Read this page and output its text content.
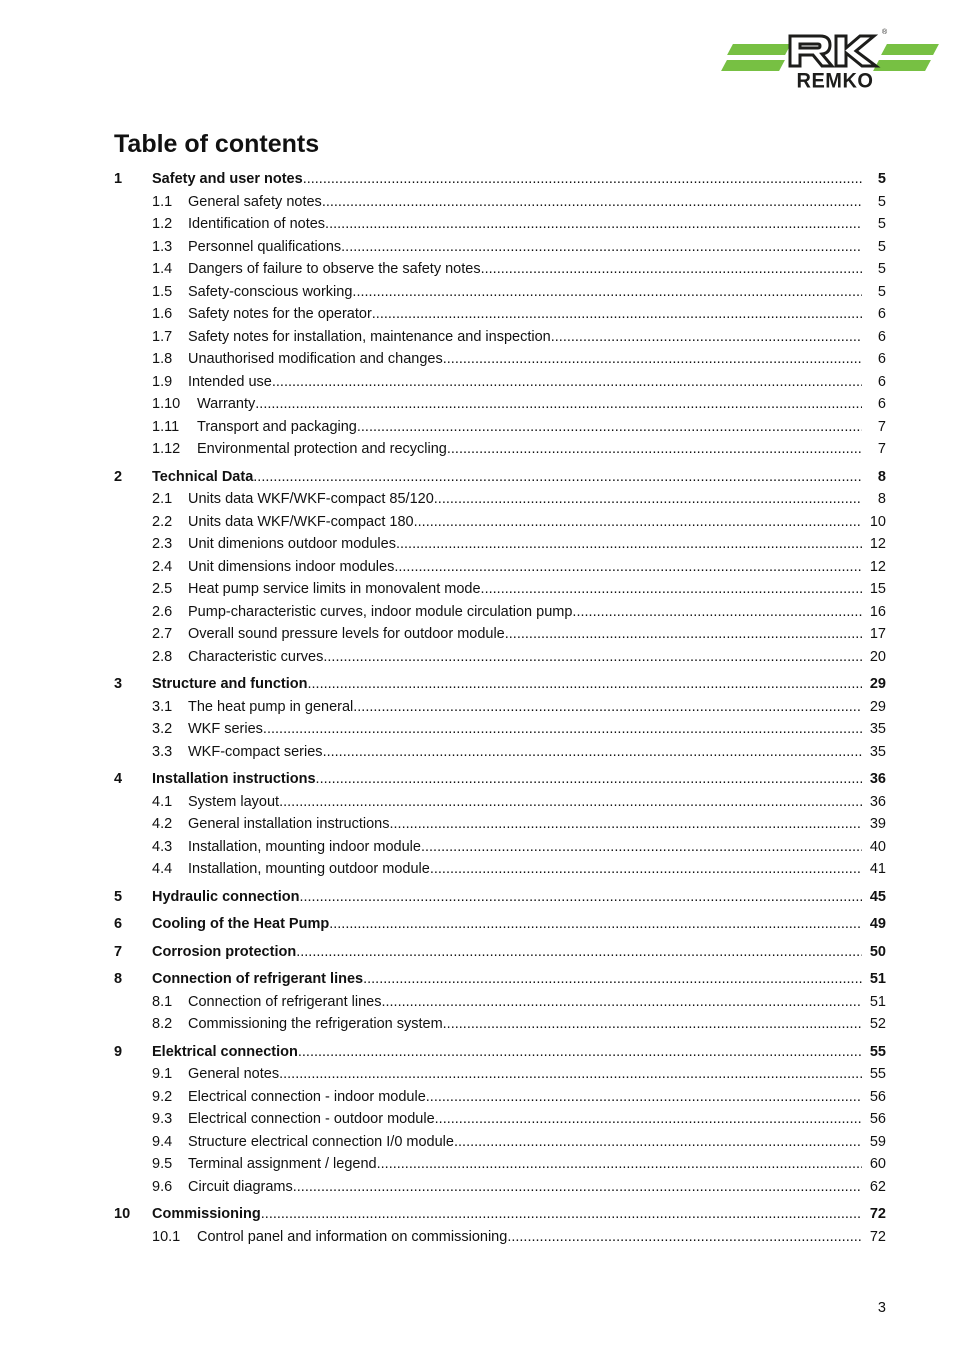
®
REMKO
Table of contents
1	Safety and user notes .....	5
1.1	General safety notes .....	5
1.2	Identification of notes .....	5
1.3	Personnel qualifications .....	5
1.4	Dangers of failure to observe the safety notes .....	5
1.5	Safety-conscious working .....	5
1.6	Safety notes for the operator .....	6
1.7	Safety notes for installation, maintenance and inspection .....	6
1.8	Unauthorised modification and changes .....	6
1.9	Intended use .....	6
1.10	Warranty .....	6
1.11	Transport and packaging .....	7
1.12	Environmental protection and recycling .....	7
2	Technical Data .....	8
2.1	Units data WKF/WKF-compact 85/120 .....	8
2.2	Units data WKF/WKF-compact 180 .....	10
2.3	Unit dimenions outdoor modules .....	12
2.4	Unit dimensions indoor modules .....	12
2.5	Heat pump service limits in monovalent mode .....	15
2.6	Pump-characteristic curves, indoor module circulation pump .....	16
2.7	Overall sound pressure levels for outdoor module .....	17
2.8	Characteristic curves .....	20
3	Structure and function .....	29
3.1	The heat pump in general .....	29
3.2	WKF series .....	35
3.3	WKF-compact series .....	35
4	Installation instructions .....	36
4.1	System layout .....	36
4.2	General installation instructions .....	39
4.3	Installation, mounting indoor module .....	40
4.4	Installation, mounting outdoor module .....	41
5	Hydraulic connection .....	45
6	Cooling of the Heat Pump .....	49
7	Corrosion protection .....	50
8	Connection of refrigerant lines .....	51
8.1	Connection of refrigerant lines .....	51
8.2	Commissioning the refrigeration system .....	52
9	Elektrical connection .....	55
9.1	General notes .....	55
9.2	Electrical connection - indoor module .....	56
9.3	Electrical connection - outdoor module .....	56
9.4	Structure electrical connection I/0 module .....	59
9.5	Terminal assignment / legend .....	60
9.6	Circuit diagrams .....	62
10	Commissioning .....	72
10.1	Control panel and information on commissioning .....	72
3
